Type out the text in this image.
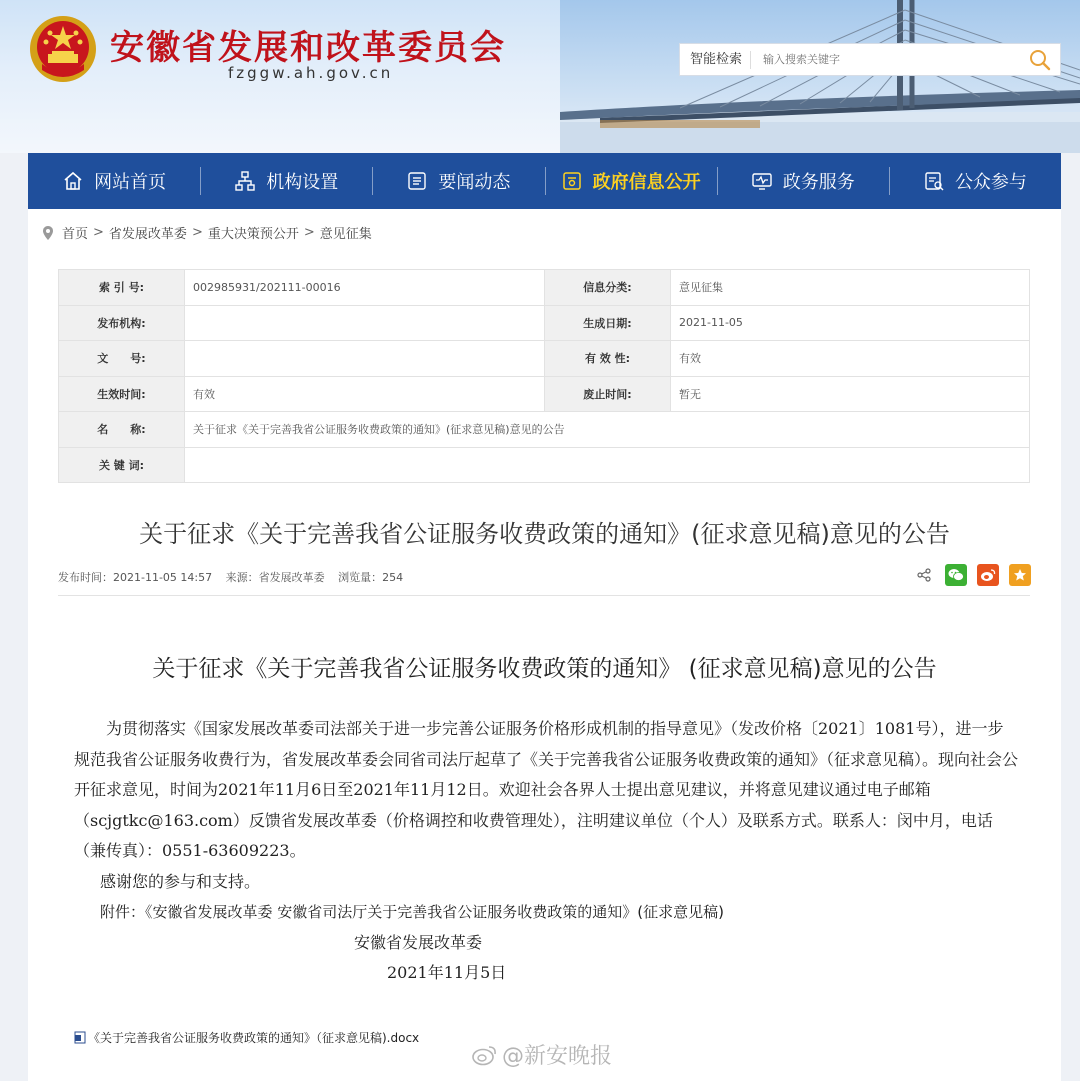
安徽省发展和改革委员会
fzggw.ah.gov.cn
智能检索
输入搜索关键字
网站首页	机构设置	要闻动态	政府信息公开	政务服务	公众参与
首页 > 省发展改革委 > 重大决策预公开 > 意见征集
索 引 号:	002985931/202111-00016	信息分类:	意见征集
发布机构:		生成日期:	2021-11-05
文　　号:		有 效 性:	有效
生效时间:	有效	废止时间:	暂无
名　　称:	关于征求《关于完善我省公证服务收费政策的通知》(征求意见稿)意见的公告		
关 键 词:			
关于征求《关于完善我省公证服务收费政策的通知》(征求意见稿)意见的公告
发布时间：2021-11-05 14:57 来源：省发展改革委 浏览量：254
关于征求《关于完善我省公证服务收费政策的通知》 (征求意见稿)意见的公告

为贯彻落实《国家发展改革委司法部关于进一步完善公证服务价格形成机制的指导意见》（发改价格〔2021〕1081号），进一步规范我省公证服务收费行为，省发展改革委会同省司法厅起草了《关于完善我省公证服务收费政策的通知》（征求意见稿）。现向社会公开征求意见，时间为2021年11月6日至2021年11月12日。欢迎社会各界人士提出意见建议，并将意见建议通过电子邮箱（scjgtkc@163.com）反馈省发展改革委（价格调控和收费管理处），注明建议单位（个人）及联系方式。联系人：闵中月，电话（兼传真）：0551-63609223。

感谢您的参与和支持。

附件：《安徽省发展改革委 安徽省司法厅关于完善我省公证服务收费政策的通知》(征求意见稿)

安徽省发展改革委

2021年11月5日

《关于完善我省公证服务收费政策的通知》（征求意见稿).docx
@新安晚报
